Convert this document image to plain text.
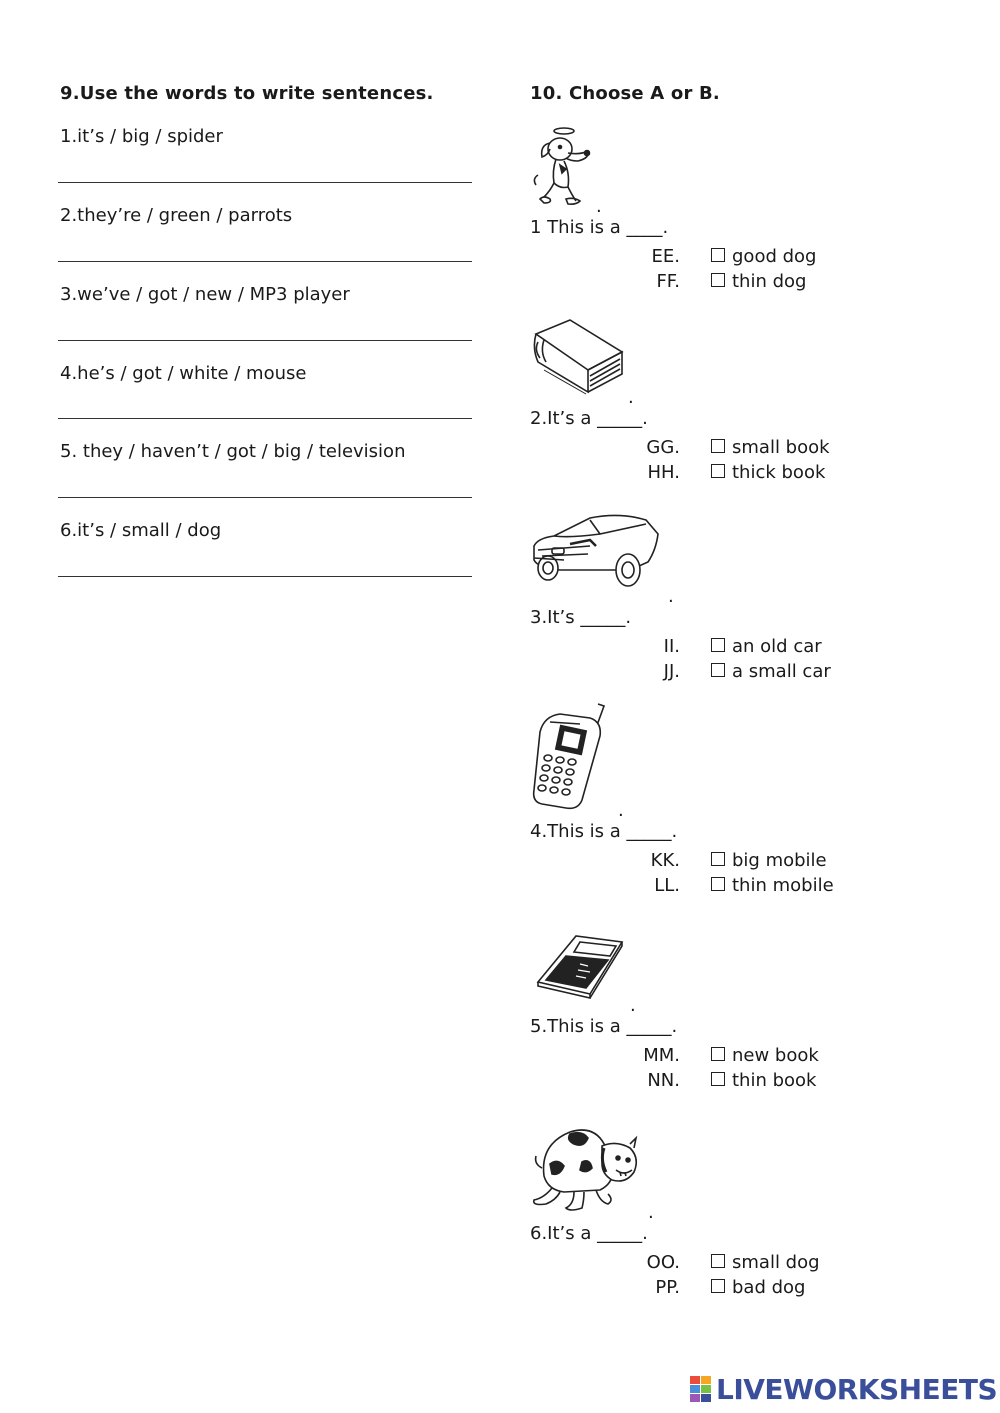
9.Use the words to write sentences.
1.it’s / big / spider
2.they’re / green / parrots
3.we’ve / got / new / MP3 player
4.he’s / got / white / mouse
5. they / haven’t / got / big / television
6.it’s / small / dog
10. Choose A or B.
.
1 This is a ____.
EE.	good dog
FF.	thin dog
.
2.It’s a _____.
GG.	small book
HH.	thick book
.
3.It’s _____.
II.	an old car
JJ.	a small car
.
4.This is a _____.
KK.	big mobile
LL.	thin mobile
.
5.This is a _____.
MM.	new book
NN.	thin book
.
6.It’s a _____.
OO.	small dog
PP.	bad dog
LIVEWORKSHEETS
